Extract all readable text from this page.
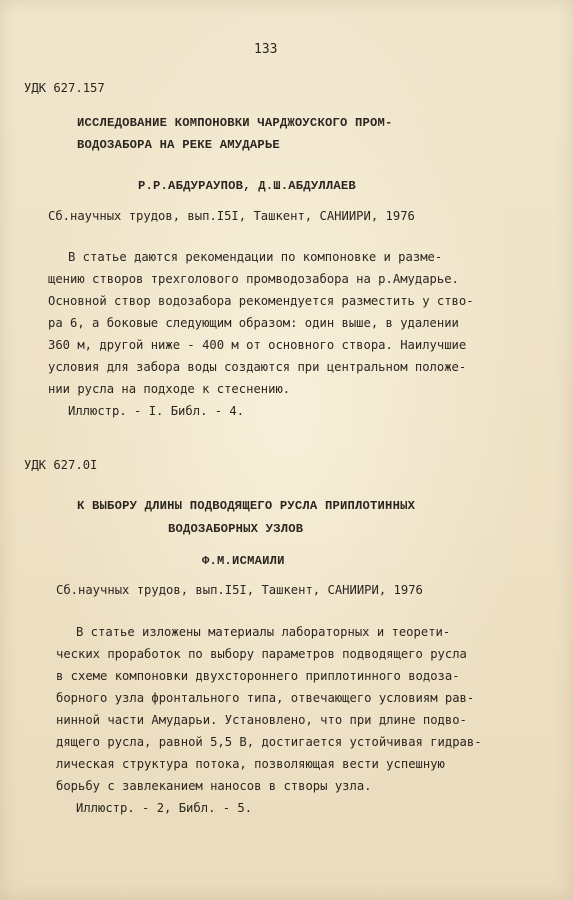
133
УДК 627.157
ИССЛЕДОВАНИЕ КОМПОНОВКИ ЧАРДЖОУСКОГО ПРОМ-
ВОДОЗАБОРА НА РЕКЕ АМУДАРЬЕ
Р.Р.АБДУРАУПОВ, Д.Ш.АБДУЛЛАЕВ
Сб.научных трудов, вып.I5I, Ташкент, САНИИРИ, 1976
В статье даются рекомендации по компоновке и разме-
щению створов трехголового промводозабора на р.Амударье.
Основной створ водозабора рекомендуется разместить у ство-
ра 6, а боковые следующим образом: один выше, в удалении
360 м, другой ниже - 400 м от основного створа. Наилучшие
условия для забора воды создаются при центральном положе-
нии русла на подходе к стеснению.
Иллюстр. - I. Библ. - 4.
УДК 627.0I
К ВЫБОРУ ДЛИНЫ ПОДВОДЯЩЕГО РУСЛА ПРИПЛОТИННЫХ
ВОДОЗАБОРНЫХ УЗЛОВ
Ф.М.ИСМАИЛИ
Сб.научных трудов, вып.I5I, Ташкент, САНИИРИ, 1976
В статье изложены материалы лабораторных и теорети-
ческих проработок по выбору параметров подводящего русла
в схеме компоновки двухстороннего приплотинного водоза-
борного узла фронтального типа, отвечающего условиям рав-
нинной части Амударьи. Установлено, что при длине подво-
дящего русла, равной 5,5 В, достигается устойчивая гидрав-
лическая структура потока, позволяющая вести успешную
борьбу с завлеканием наносов в створы узла.
Иллюстр. - 2, Библ. - 5.
